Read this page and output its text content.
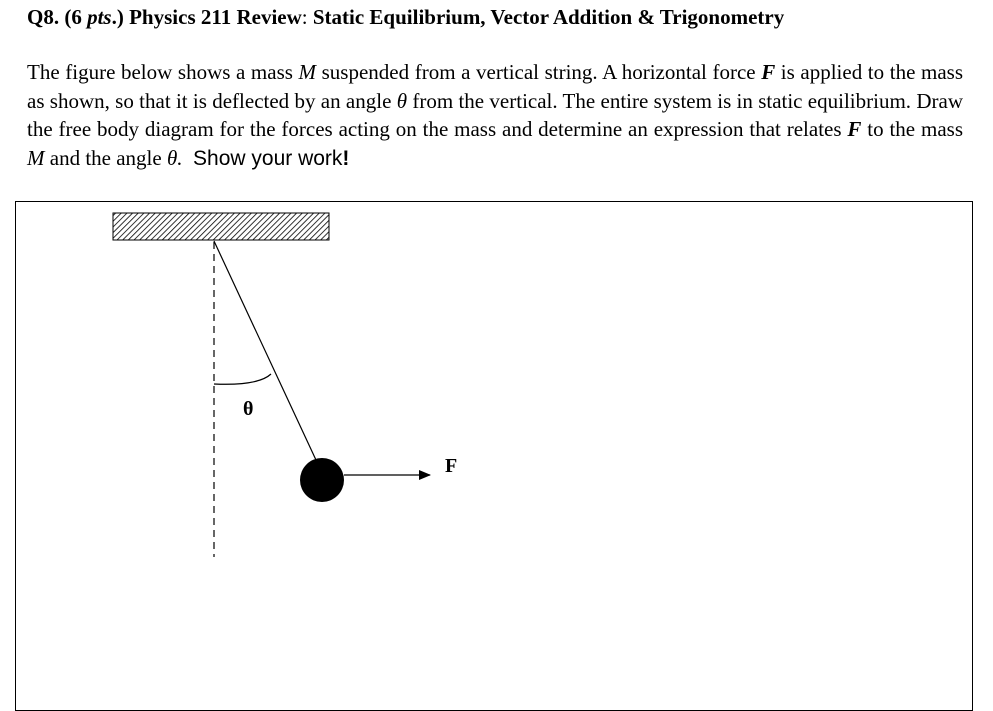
Q8. (6 pts.) Physics 211 Review: Static Equilibrium, Vector Addition & Trigonometry
The figure below shows a mass M suspended from a vertical string. A horizontal force F is applied to the mass as shown, so that it is deflected by an angle θ from the vertical. The entire system is in static equilibrium. Draw the free body diagram for the forces acting on the mass and determine an expression that relates F to the mass M and the angle θ. Show your work!
θ
F
